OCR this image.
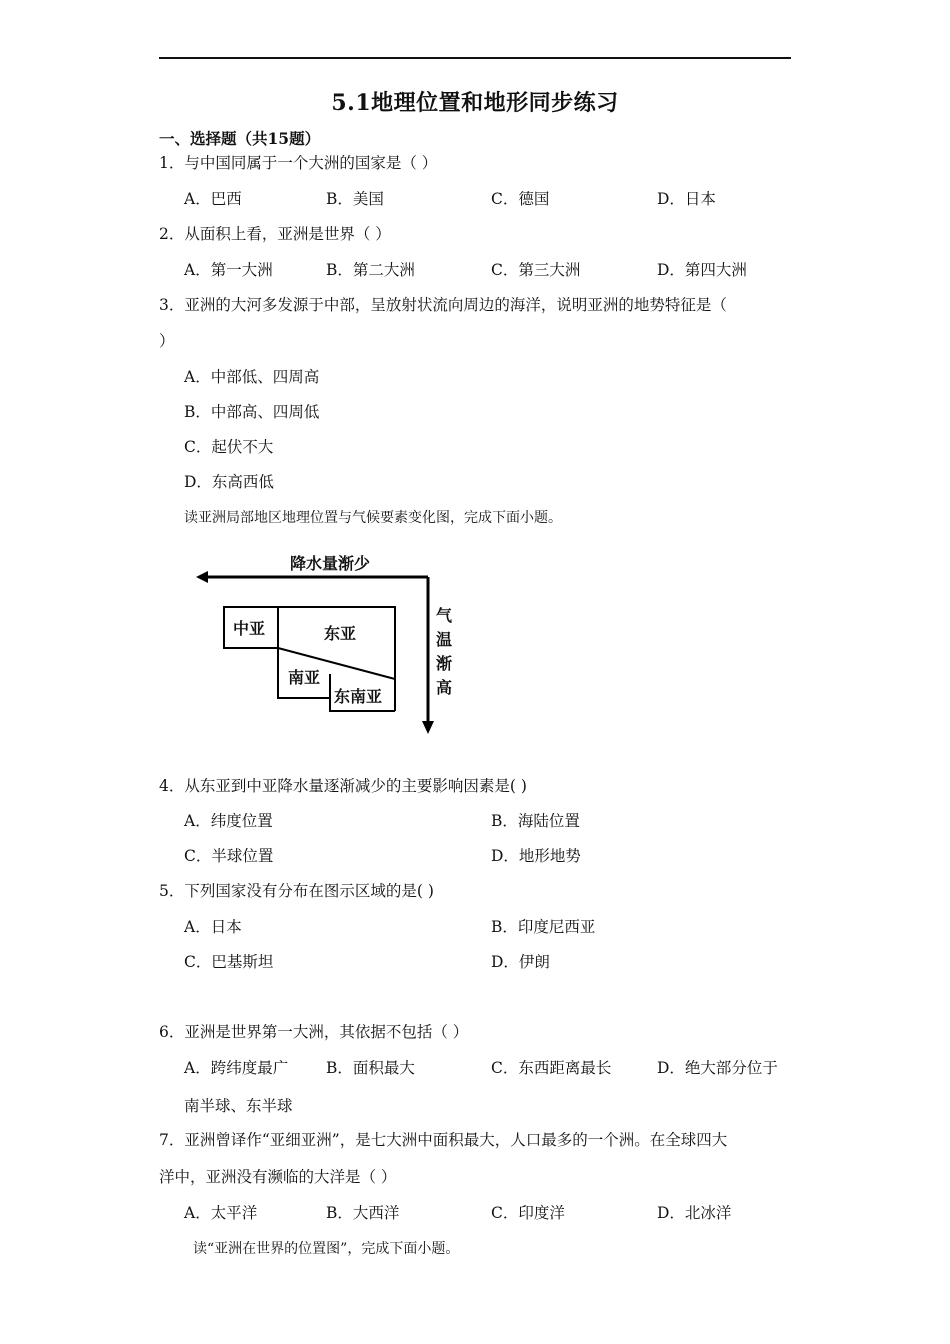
5.1地理位置和地形同步练习
一、选择题（共15题）
1．与中国同属于一个大洲的国家是（ ）
A．巴西	B．美国	C．德国	D．日本
2．从面积上看，亚洲是世界（ ）
A．第一大洲	B．第二大洲	C．第三大洲	D．第四大洲
3．亚洲的大河多发源于中部，呈放射状流向周边的海洋，说明亚洲的地势特征是（
）
A．中部低、四周高
B．中部高、四周低
C．起伏不大
D．东高西低
读亚洲局部地区地理位置与气候要素变化图，完成下面小题。
降水量渐少
气温渐高
中亚	东亚
南亚
东南亚
4．从东亚到中亚降水量逐渐减少的主要影响因素是( )
A．纬度位置	B．海陆位置
C．半球位置	D．地形地势
5．下列国家没有分布在图示区域的是( )
A．日本	B．印度尼西亚
C．巴基斯坦	D．伊朗
6．亚洲是世界第一大洲，其依据不包括（ ）
A．跨纬度最广 B．面积最大	C．东西距离最长	D．绝大部分位于
南半球、东半球
7．亚洲曾译作“亚细亚洲”，是七大洲中面积最大，人口最多的一个洲。在全球四大
洋中，亚洲没有濒临的大洋是（ ）
A．太平洋	B．大西洋	C．印度洋	D．北冰洋
读“亚洲在世界的位置图”，完成下面小题。
